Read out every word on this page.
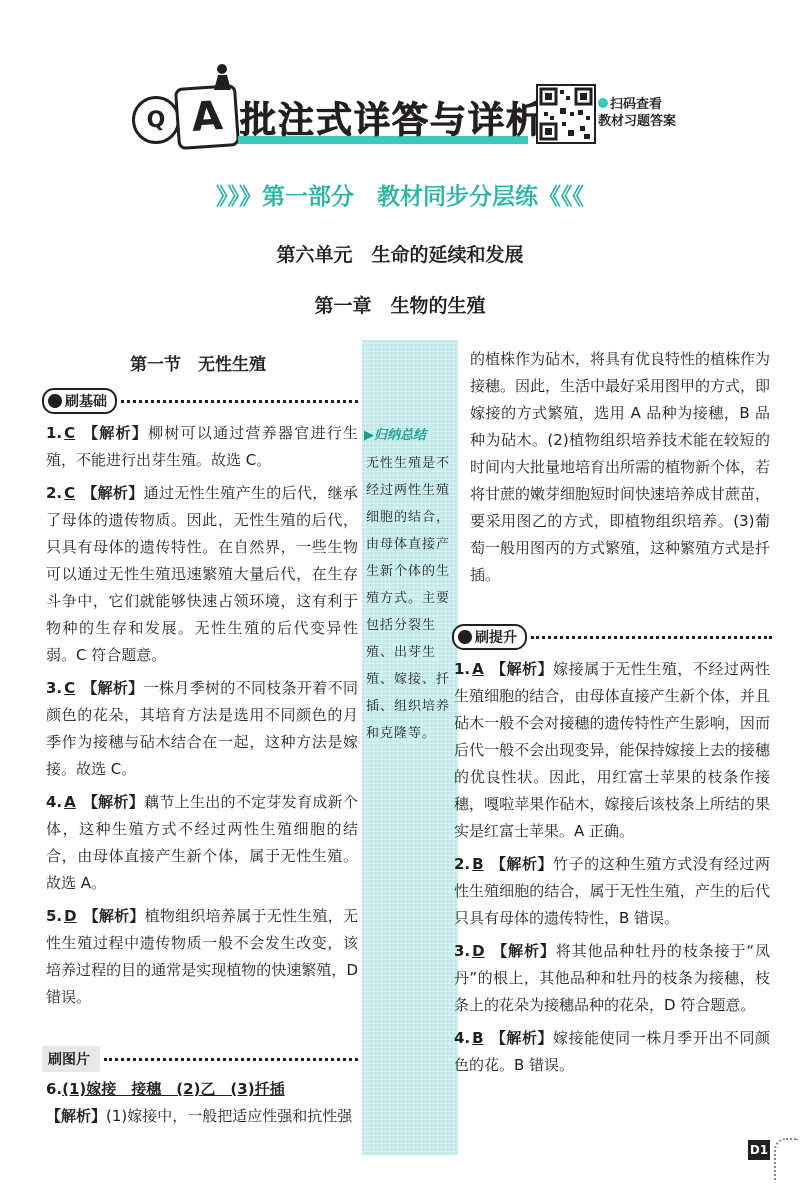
Q A 批注式详答与详析	扫码查看
教材习题答案
》》》第一部分　教材同步分层练《《《
第六单元　生命的延续和发展
第一章　生物的生殖
第一节　无性生殖
▶归纳总结
无性生殖是不经过两性生殖细胞的结合，由母体直接产生新个体的生殖方式。主要包括分裂生殖、出芽生殖、嫁接、扦插、组织培养和克隆等。
刷基础

1. C 【解析】柳树可以通过营养器官进行生殖，不能进行出芽生殖。故选 C。

2. C 【解析】通过无性生殖产生的后代，继承了母体的遗传物质。因此，无性生殖的后代，只具有母体的遗传特性。在自然界，一些生物可以通过无性生殖迅速繁殖大量后代，在生存斗争中，它们就能够快速占领环境，这有利于物种的生存和发展。无性生殖的后代变异性弱。C 符合题意。

3. C 【解析】一株月季树的不同枝条开着不同颜色的花朵，其培育方法是选用不同颜色的月季作为接穗与砧木结合在一起，这种方法是嫁接。故选 C。

4. A 【解析】藕节上生出的不定芽发育成新个体，这种生殖方式不经过两性生殖细胞的结合，由母体直接产生新个体，属于无性生殖。故选 A。

5. D 【解析】植物组织培养属于无性生殖，无性生殖过程中遗传物质一般不会发生改变，该培养过程的目的通常是实现植物的快速繁殖，D 错误。

刷图片

6.(1)嫁接　接穗　(2)乙　(3)扦插

【解析】(1)嫁接中，一般把适应性强和抗性强

的植株作为砧木，将具有优良特性的植株作为接穗。因此，生活中最好采用图甲的方式，即嫁接的方式繁殖，选用 A 品种为接穗，B 品种为砧木。(2)植物组织培养技术能在较短的时间内大批量地培育出所需的植物新个体，若将甘蔗的嫩芽细胞短时间快速培养成甘蔗苗，要采用图乙的方式，即植物组织培养。(3)葡萄一般用图丙的方式繁殖，这种繁殖方式是扦插。

刷提升

1. A 【解析】嫁接属于无性生殖，不经过两性生殖细胞的结合，由母体直接产生新个体，并且砧木一般不会对接穗的遗传特性产生影响，因而后代一般不会出现变异，能保持嫁接上去的接穗的优良性状。因此，用红富士苹果的枝条作接穗，嘎啦苹果作砧木，嫁接后该枝条上所结的果实是红富士苹果。A 正确。

2. B 【解析】竹子的这种生殖方式没有经过两性生殖细胞的结合，属于无性生殖，产生的后代只具有母体的遗传特性，B 错误。

3. D 【解析】将其他品种牡丹的枝条接于“凤丹”的根上，其他品种和牡丹的枝条为接穗，枝条上的花朵为接穗品种的花朵，D 符合题意。

4. B 【解析】嫁接能使同一株月季开出不同颜色的花。B 错误。

D1
